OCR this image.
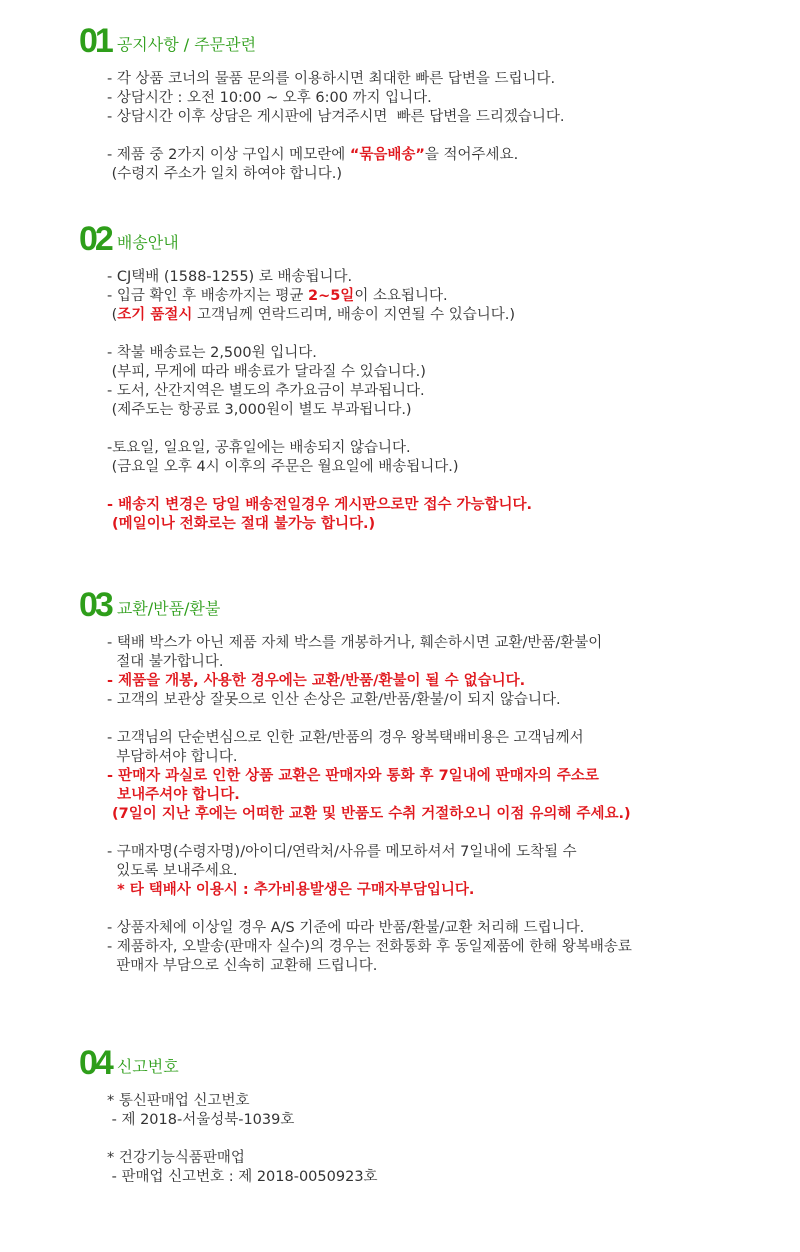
01 공지사항 / 주문관련
- 각 상품 코너의 물품 문의를 이용하시면 최대한 빠른 답변을 드립니다.
- 상담시간 : 오전 10:00 ~ 오후 6:00 까지 입니다.
- 상담시간 이후 상담은 게시판에 남겨주시면  빠른 답변을 드리겠습니다.
- 제품 중 2가지 이상 구입시 메모란에 “묶음배송”을 적어주세요.
(수령지 주소가 일치 하여야 합니다.)
02 배송안내
- CJ택배 (1588-1255) 로 배송됩니다.
- 입금 확인 후 배송까지는 평균 2~5일이 소요됩니다.
(조기 품절시 고객님께 연락드리며, 배송이 지연될 수 있습니다.)
- 착불 배송료는 2,500원 입니다.
(부피, 무게에 따라 배송료가 달라질 수 있습니다.)
- 도서, 산간지역은 별도의 추가요금이 부과됩니다.
(제주도는 항공료 3,000원이 별도 부과됩니다.)
-토요일, 일요일, 공휴일에는 배송되지 않습니다.
(금요일 오후 4시 이후의 주문은 월요일에 배송됩니다.)
- 배송지 변경은 당일 배송전일경우 게시판으로만 접수 가능합니다.
(메일이나 전화로는 절대 불가능 합니다.)
03 교환/반품/환불
- 택배 박스가 아닌 제품 자체 박스를 개봉하거나, 훼손하시면 교환/반품/환불이
절대 불가합니다.
- 제품을 개봉, 사용한 경우에는 교환/반품/환불이 될 수 없습니다.
- 고객의 보관상 잘못으로 인산 손상은 교환/반품/환불/이 되지 않습니다.
- 고객님의 단순변심으로 인한 교환/반품의 경우 왕복택배비용은 고객님께서
부담하셔야 합니다.
- 판매자 과실로 인한 상품 교환은 판매자와 통화 후 7일내에 판매자의 주소로
보내주셔야 합니다.
(7일이 지난 후에는 어떠한 교환 및 반품도 수취 거절하오니 이점 유의해 주세요.)
- 구매자명(수령자명)/아이디/연락처/사유를 메모하셔서 7일내에 도착될 수
있도록 보내주세요.
* 타 택배사 이용시 : 추가비용발생은 구매자부담입니다.
- 상품자체에 이상일 경우 A/S 기준에 따라 반품/환불/교환 처리해 드립니다.
- 제품하자, 오발송(판매자 실수)의 경우는 전화통화 후 동일제품에 한해 왕복배송료
판매자 부담으로 신속히 교환해 드립니다.
04 신고번호
* 통신판매업 신고번호
- 제 2018-서울성북-1039호
* 건강기능식품판매업
- 판매업 신고번호 : 제 2018-0050923호
